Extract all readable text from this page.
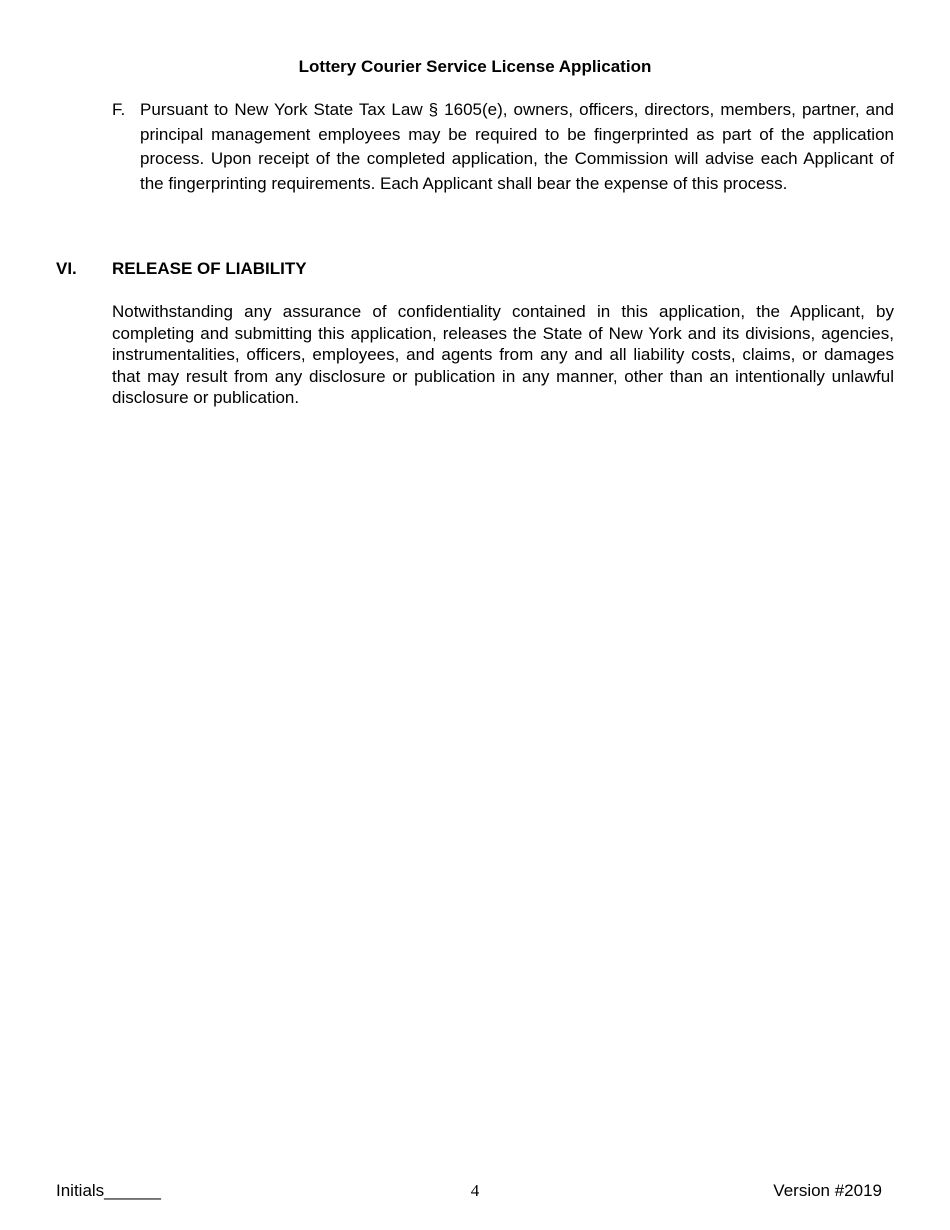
Lottery Courier Service License Application
F. Pursuant to New York State Tax Law § 1605(e), owners, officers, directors, members, partner, and principal management employees may be required to be fingerprinted as part of the application process. Upon receipt of the completed application, the Commission will advise each Applicant of the fingerprinting requirements. Each Applicant shall bear the expense of this process.
VI. RELEASE OF LIABILITY
Notwithstanding any assurance of confidentiality contained in this application, the Applicant, by completing and submitting this application, releases the State of New York and its divisions, agencies, instrumentalities, officers, employees, and agents from any and all liability costs, claims, or damages that may result from any disclosure or publication in any manner, other than an intentionally unlawful disclosure or publication.
Initials______	4	Version #2019
